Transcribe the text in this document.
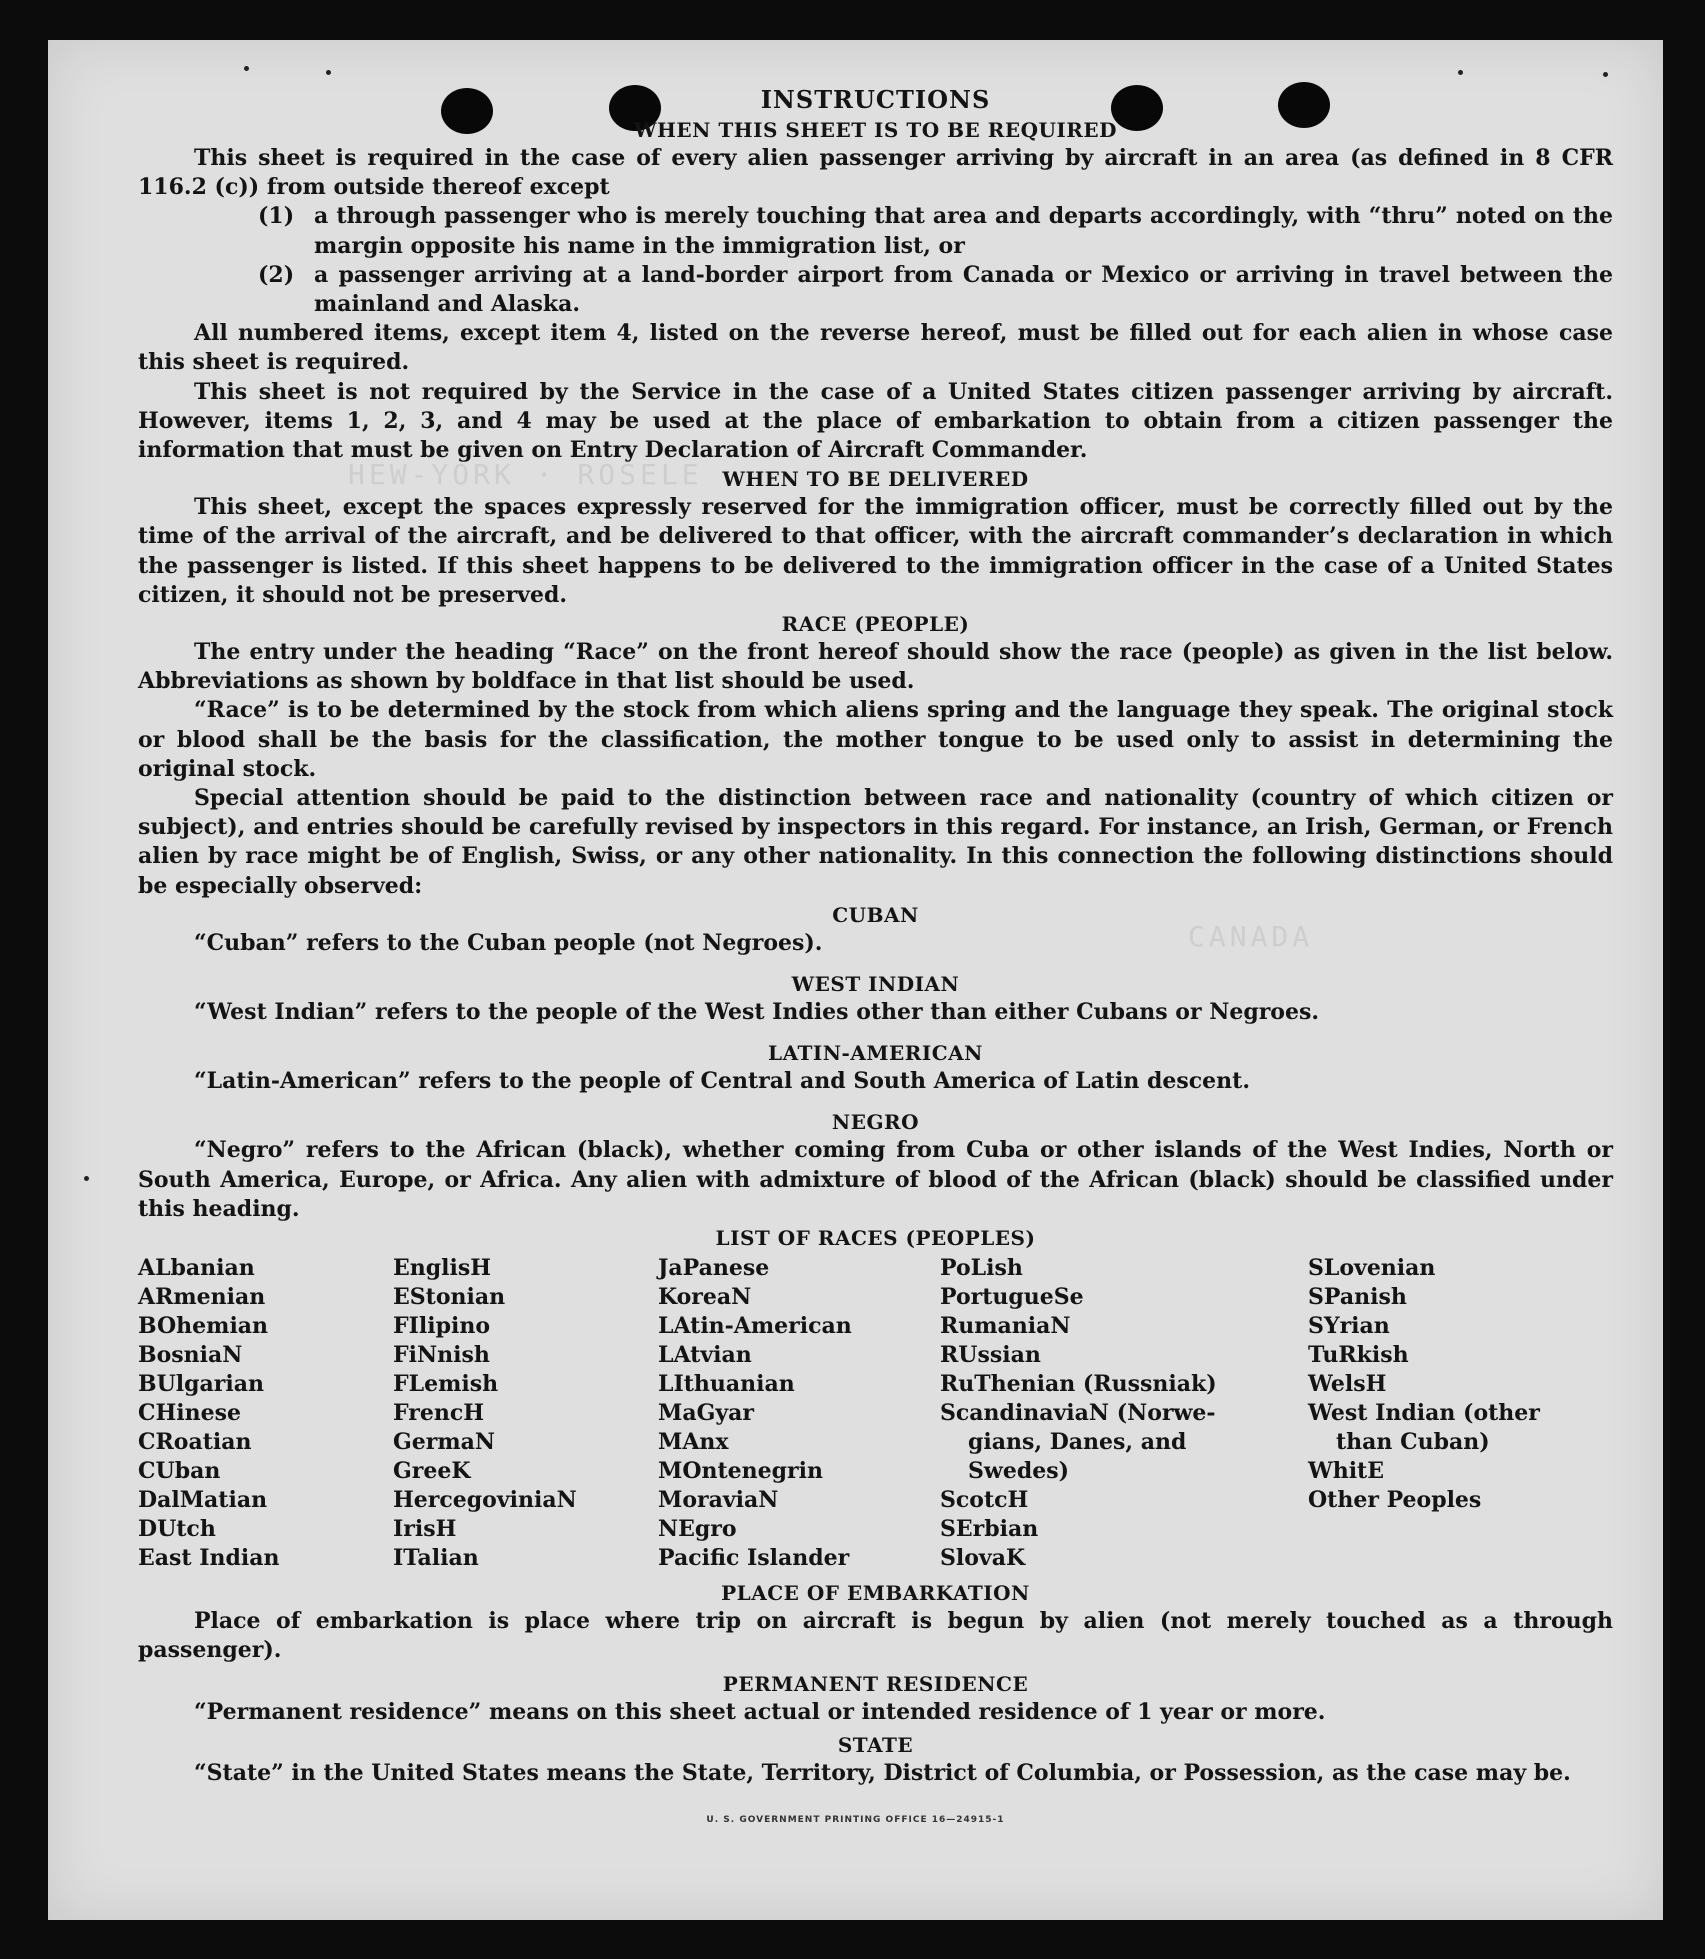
HEW-YORK · ROSELE
CANADA
INSTRUCTIONS
WHEN THIS SHEET IS TO BE REQUIRED

This sheet is required in the case of every alien passenger arriving by aircraft in an area (as defined in 8 CFR 116.2 (c)) from outside thereof except

(1) a through passenger who is merely touching that area and departs accordingly, with “thru” noted on the margin opposite his name in the immigration list, or
(2) a passenger arriving at a land-border airport from Canada or Mexico or arriving in travel between the mainland and Alaska.

All numbered items, except item 4, listed on the reverse hereof, must be filled out for each alien in whose case this sheet is required.

This sheet is not required by the Service in the case of a United States citizen passenger arriving by aircraft. However, items 1, 2, 3, and 4 may be used at the place of embarkation to obtain from a citizen passenger the information that must be given on Entry Declaration of Aircraft Commander.

WHEN TO BE DELIVERED

This sheet, except the spaces expressly reserved for the immigration officer, must be correctly filled out by the time of the arrival of the aircraft, and be delivered to that officer, with the aircraft commander’s declaration in which the passenger is listed. If this sheet happens to be delivered to the immigration officer in the case of a United States citizen, it should not be preserved.

RACE (PEOPLE)

The entry under the heading “Race” on the front hereof should show the race (people) as given in the list below. Abbreviations as shown by boldface in that list should be used.

“Race” is to be determined by the stock from which aliens spring and the language they speak. The original stock or blood shall be the basis for the classification, the mother tongue to be used only to assist in determining the original stock.

Special attention should be paid to the distinction between race and nationality (country of which citizen or subject), and entries should be carefully revised by inspectors in this regard. For instance, an Irish, German, or French alien by race might be of English, Swiss, or any other nationality. In this connection the following distinctions should be especially observed:

CUBAN

“Cuban” refers to the Cuban people (not Negroes).

WEST INDIAN

“West Indian” refers to the people of the West Indies other than either Cubans or Negroes.

LATIN-AMERICAN

“Latin-American” refers to the people of Central and South America of Latin descent.

NEGRO

“Negro” refers to the African (black), whether coming from Cuba or other islands of the West Indies, North or South America, Europe, or Africa. Any alien with admixture of blood of the African (black) should be classified under this heading.

LIST OF RACES (PEOPLES)
ALbanian
ARmenian
BOhemian
BosniaN
BUlgarian
CHinese
CRoatian
CUban
DalMatian
DUtch
East Indian
EnglisH
EStonian
FIlipino
FiNnish
FLemish
FrencH
GermaN
GreeK
HercegoviniaN
IrisH
ITalian
JaPanese
KoreaN
LAtin-American
LAtvian
LIthuanian
MaGyar
MAnx
MOntenegrin
MoraviaN
NEgro
Pacific Islander
PoLish
PortugueSe
RumaniaN
RUssian
RuThenian (Russniak)
ScandinaviaN (Norwe-
gians, Danes, and
Swedes)
ScotcH
SErbian
SlovaK
SLovenian
SPanish
SYrian
TuRkish
WelsH
West Indian (other
than Cuban)
WhitE
Other Peoples
PLACE OF EMBARKATION

Place of embarkation is place where trip on aircraft is begun by alien (not merely touched as a through passenger).

PERMANENT RESIDENCE

“Permanent residence” means on this sheet actual or intended residence of 1 year or more.

STATE

“State” in the United States means the State, Territory, District of Columbia, or Possession, as the case may be.

U. S. GOVERNMENT PRINTING OFFICE 16—24915-1
